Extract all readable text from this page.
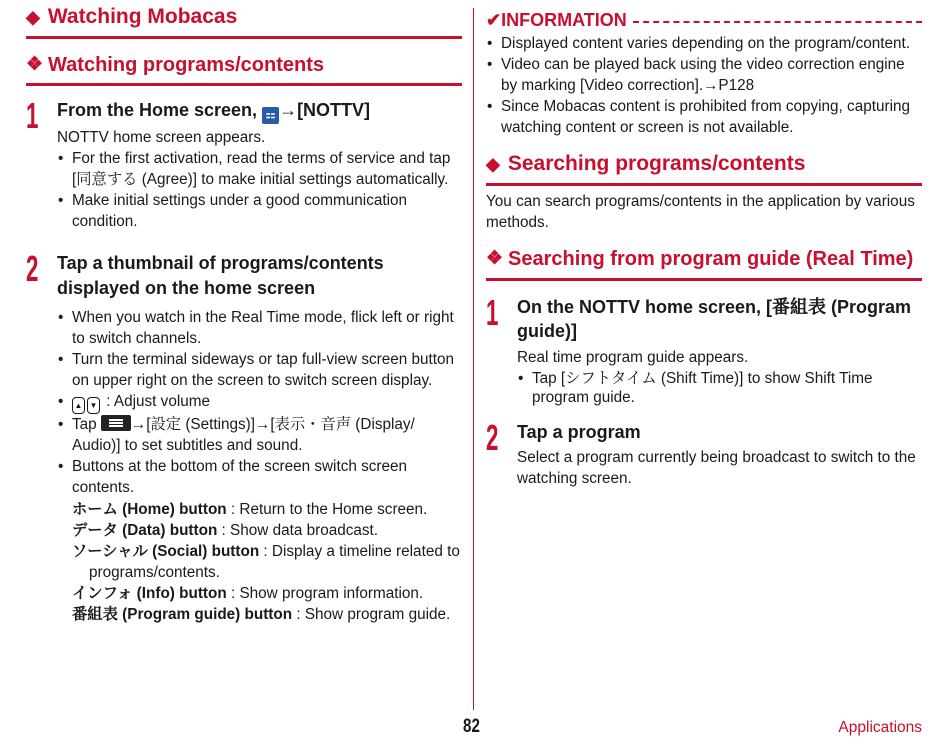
◆ Watching Mobacas
❖ Watching programs/contents
1 From the Home screen, ⚏ →[NOTTV]
NOTTV home screen appears.
• For the first activation, read the terms of service and tap [同意する (Agree)] to make initial settings automatically.
• Make initial settings under a good communication condition.
2 Tap a thumbnail of programs/contents displayed on the home screen
• When you watch in the Real Time mode, flick left or right to switch channels.
• Turn the terminal sideways or tap full-view screen button on upper right on the screen to switch screen display.
• ▲ ▼ : Adjust volume
• Tap
→[設定 (Settings)]→[表示・音声 (Display/ Audio)] to set subtitles and sound.
• Buttons at the bottom of the screen switch screen contents.
ホーム (Home) button : Return to the Home screen.
データ (Data) button : Show data broadcast.
ソーシャル (Social) button : Display a timeline related to
programs/contents.
インフォ (Info) button : Show program information.
番組表 (Program guide) button : Show program guide.
✔INFORMATION
• Displayed content varies depending on the program/content.
• Video can be played back using the video correction engine by marking [Video correction].→P128
• Since Mobacas content is prohibited from copying, capturing watching content or screen is not available.
◆ Searching programs/contents
You can search programs/contents in the application by various methods.
❖ Searching from program guide (Real Time)
1 On the NOTTV home screen, [番組表 (Program guide)]
Real time program guide appears.
• Tap [シフトタイム (Shift Time)] to show Shift Time program guide.
2 Tap a program
Select a program currently being broadcast to switch to the watching screen.
82	Applications
